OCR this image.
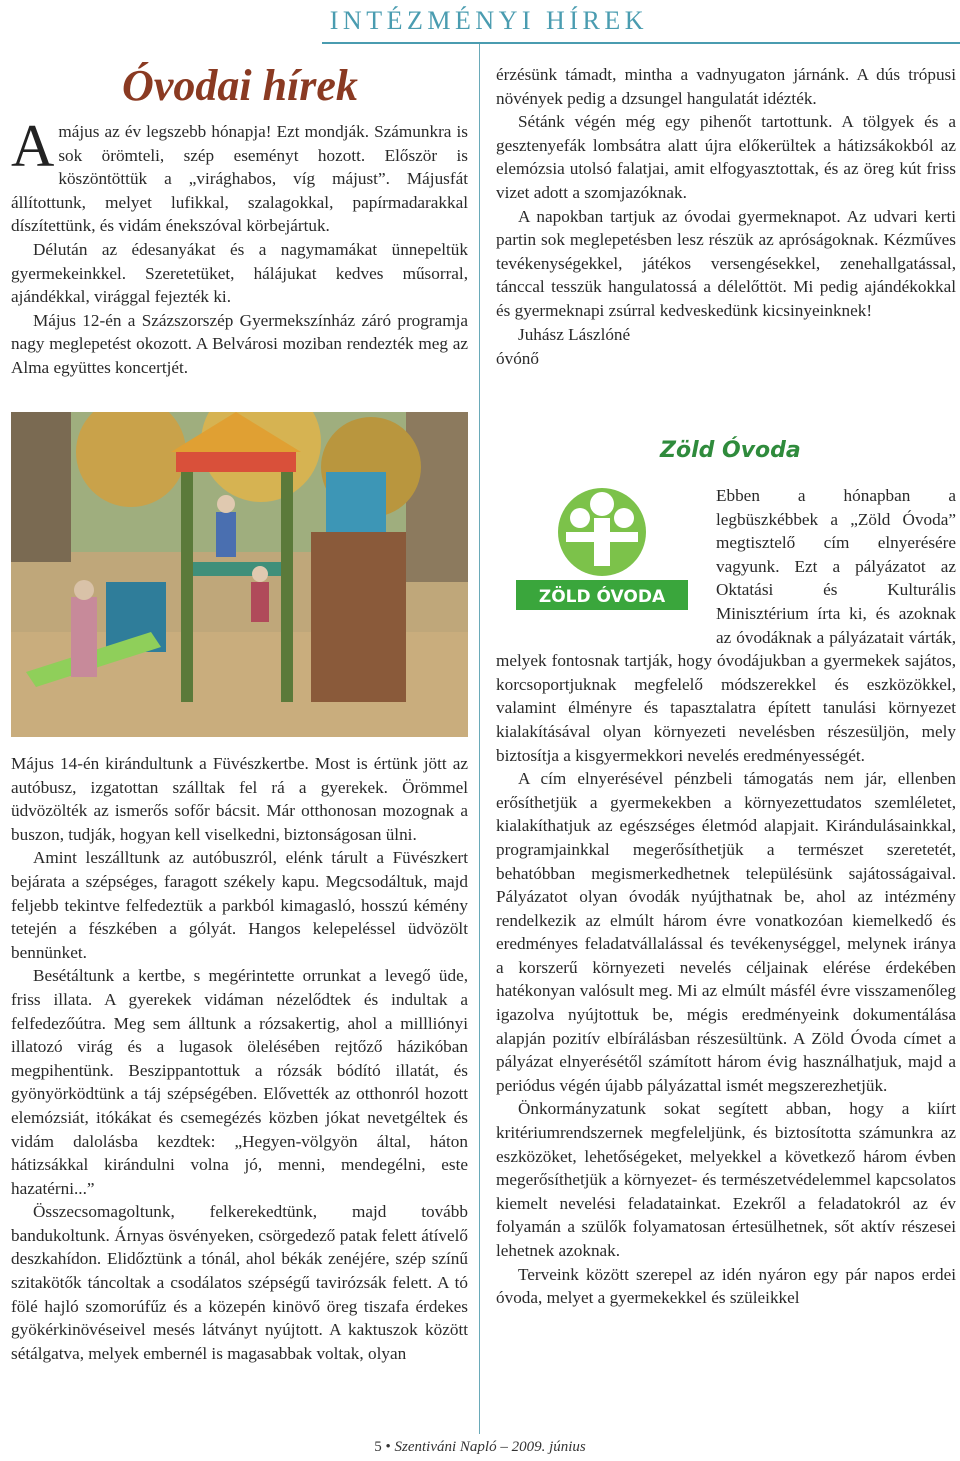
INTÉZMÉNYI HÍREK
Óvodai hírek

A május az év legszebb hónapja! Ezt mondják. Számunkra is sok örömteli, szép eseményt hozott. Először is köszöntöttük a „virághabos, víg májust”. Májusfát állítottunk, melyet lufikkal, szalagokkal, papírmadarakkal díszítettünk, és vidám énekszóval körbejártuk.

Délután az édesanyákat és a nagymamákat ünnepeltük gyermekeinkkel. Szeretetüket, hálájukat kedves műsorral, ajándékkal, virággal fejezték ki.

Május 12-én a Százszorszép Gyermekszínház záró programja nagy meglepetést okozott. A Belvárosi moziban rendezték meg az Alma együttes koncertjét.

Május 14-én kirándultunk a Füvészkertbe. Most is értünk jött az autóbusz, izgatottan szálltak fel rá a gyerekek. Örömmel üdvözölték az ismerős sofőr bácsit. Már otthonosan mozognak a buszon, tudják, hogyan kell viselkedni, biztonságosan ülni.

Amint leszálltunk az autóbuszról, elénk tárult a Füvészkert bejárata a szépséges, faragott székely kapu. Megcsodáltuk, majd feljebb tekintve felfedeztük a parkból kimagasló, hosszú kémény tetején a fészkében a gólyát. Hangos kelepeléssel üdvözölt bennünket.

Besétáltunk a kertbe, s megérintette orrunkat a levegő üde, friss illata. A gyerekek vidáman nézelődtek és indultak a felfedezőútra. Meg sem álltunk a rózsakertig, ahol a millliónyi illatozó virág és a lugasok ölelésében rejtőző házikóban megpihentünk. Beszippantottuk a rózsák bódító illatát, és gyönyörködtünk a táj szépségében. Elővették az otthonról hozott elemózsiát, itókákat és csemegézés közben jókat nevetgéltek és vidám dalolásba kezdtek: „Hegyen-völgyön által, háton hátizsákkal kirándulni volna jó, menni, mendegélni, este hazatérni...”

Összecsomagoltunk, felkerekedtünk, majd tovább bandukoltunk. Árnyas ösvényeken, csörgedező patak felett átívelő deszkahídon. Elidőztünk a tónál, ahol békák zenéjére, szép színű szitakötők táncoltak a csodálatos szépségű tavirózsák felett. A tó fölé hajló szomorúfűz és a közepén kinövő öreg tiszafa érdekes gyökérkinövéseivel mesés látványt nyújtott. A kaktuszok között sétálgatva, melyek embernél is magasabbak voltak, olyan

érzésünk támadt, mintha a vadnyugaton járnánk. A dús trópusi növények pedig a dzsungel hangulatát idézték.

Sétánk végén még egy pihenőt tartottunk. A tölgyek és a gesztenyefák lombsátra alatt újra előkerültek a hátizsákokból az elemózsia utolsó falatjai, amit elfogyasztottak, és az öreg kút friss vizet adott a szomjazóknak.

A napokban tartjuk az óvodai gyermeknapot. Az udvari kerti partin sok meglepetésben lesz részük az apróságoknak. Kézműves tevékenységekkel, játékos versengésekkel, zenehallgatással, tánccal tesszük hangulatossá a délelőttöt. Mi pedig ajándékokkal és gyermeknapi zsúrral kedveskedünk kicsinyeinknek!

Juhász Lászlóné
óvónő

Zöld Óvoda
ZÖLD ÓVODA

Ebben a hónapban a legbüszkébbek a „Zöld Óvoda” megtisztelő cím elnyerésére vagyunk. Ezt a pályázatot az Oktatási és Kulturális Minisztérium írta ki, és azoknak az óvodáknak a pályázatait várták, melyek fontosnak tartják, hogy óvodájukban a gyermekek sajátos, korcsoportjuknak megfelelő módszerekkel és eszközökkel, valamint élményre és tapasztalatra épített tanulási környezet kialakításával olyan környezeti nevelésben részesüljön, mely biztosítja a kisgyermekkori nevelés eredményességét.

A cím elnyerésével pénzbeli támogatás nem jár, ellenben erősíthetjük a gyermekekben a környezettudatos szemléletet, kialakíthatjuk az egészséges életmód alapjait. Kirándulásainkkal, programjainkkal megerősíthetjük a természet szeretetét, behatóbban megismerkedhetnek településünk sajátosságaival. Pályázatot olyan óvodák nyújthatnak be, ahol az intézmény rendelkezik az elmúlt három évre vonatkozóan kiemelkedő és eredményes feladatvállalással és tevékenységgel, melynek iránya a korszerű környezeti nevelés céljainak elérése érdekében hatékonyan valósult meg. Mi az elmúlt másfél évre visszamenőleg igazolva nyújtottuk be, mégis eredményeink dokumentálása alapján pozitív elbírálásban részesültünk. A Zöld Óvoda címet a pályázat elnyerésétől számított három évig használhatjuk, majd a periódus végén újabb pályázattal ismét megszerezhetjük.

Önkormányzatunk sokat segített abban, hogy a kiírt kritériumrendszernek megfeleljünk, és biztosította számunkra az eszközöket, lehetőségeket, melyekkel a következő három évben megerősíthetjük a környezet- és természetvédelemmel kapcsolatos kiemelt nevelési feladatainkat. Ezekről a feladatokról az év folyamán a szülők folyamatosan értesülhetnek, sőt aktív részesei lehetnek azoknak.

Terveink között szerepel az idén nyáron egy pár napos erdei óvoda, melyet a gyermekekkel és szüleikkel

5 • Szentiváni Napló – 2009. június
